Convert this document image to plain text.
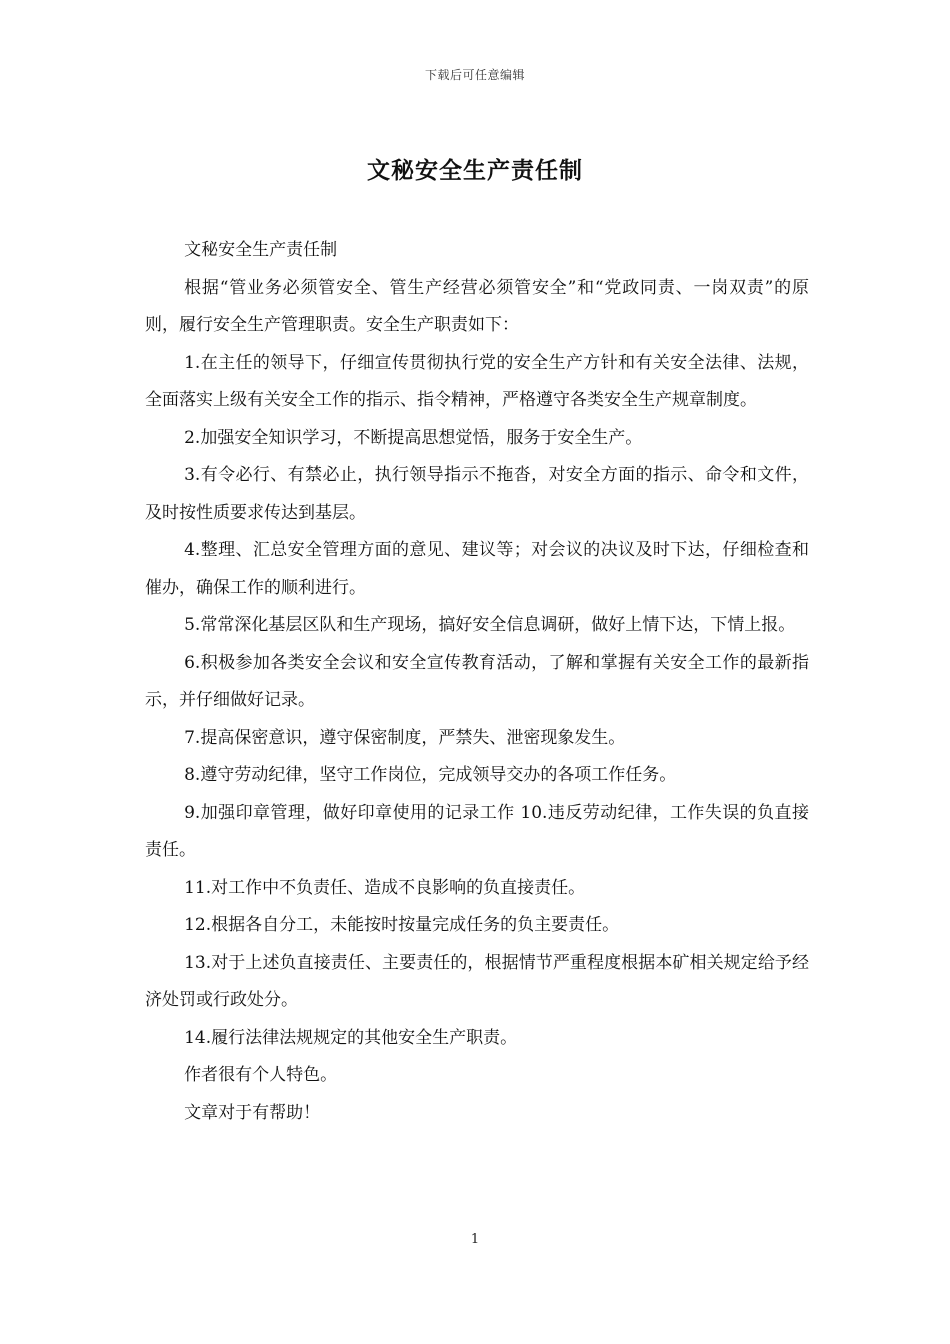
下载后可任意编辑
文秘安全生产责任制

文秘安全生产责任制

根据“管业务必须管安全、管生产经营必须管安全”和“党政同责、一岗双责”的原则，履行安全生产管理职责。安全生产职责如下：

1.在主任的领导下，仔细宣传贯彻执行党的安全生产方针和有关安全法律、法规，全面落实上级有关安全工作的指示、指令精神，严格遵守各类安全生产规章制度。

2.加强安全知识学习，不断提高思想觉悟，服务于安全生产。

3.有令必行、有禁必止，执行领导指示不拖沓，对安全方面的指示、命令和文件，及时按性质要求传达到基层。

4.整理、汇总安全管理方面的意见、建议等；对会议的决议及时下达，仔细检查和催办，确保工作的顺利进行。

5.常常深化基层区队和生产现场，搞好安全信息调研，做好上情下达，下情上报。

6.积极参加各类安全会议和安全宣传教育活动，了解和掌握有关安全工作的最新指示，并仔细做好记录。

7.提高保密意识，遵守保密制度，严禁失、泄密现象发生。

8.遵守劳动纪律，坚守工作岗位，完成领导交办的各项工作任务。

9.加强印章管理，做好印章使用的记录工作 10.违反劳动纪律，工作失误的负直接责任。

11.对工作中不负责任、造成不良影响的负直接责任。

12.根据各自分工，未能按时按量完成任务的负主要责任。

13.对于上述负直接责任、主要责任的，根据情节严重程度根据本矿相关规定给予经济处罚或行政处分。

14.履行法律法规规定的其他安全生产职责。

作者很有个人特色。

文章对于有帮助！

1
